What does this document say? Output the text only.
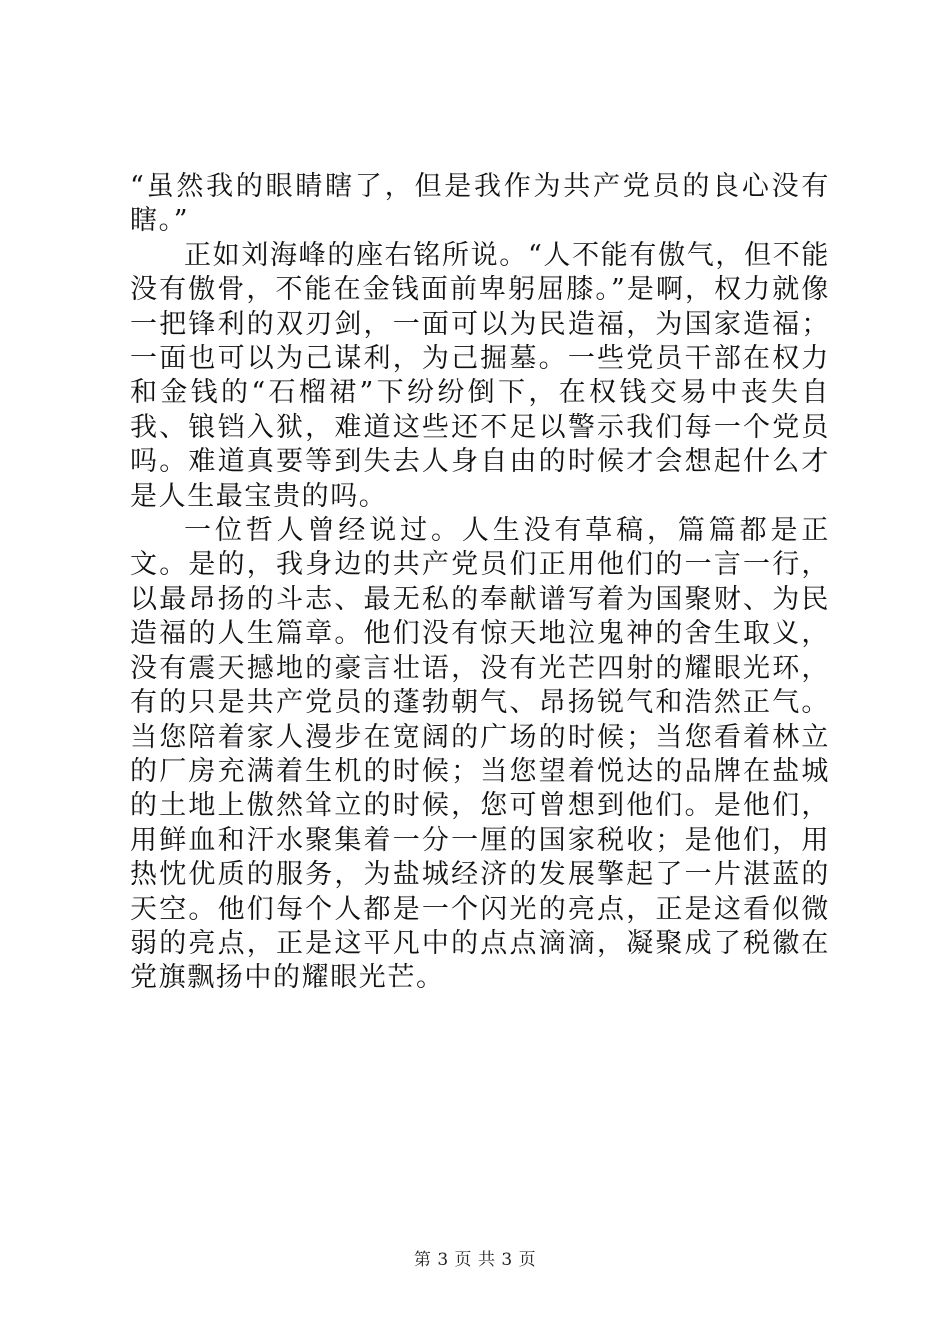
“虽然我的眼睛瞎了，但是我作为共产党员的良心没有瞎。”

正如刘海峰的座右铭所说。“人不能有傲气，但不能没有傲骨，不能在金钱面前卑躬屈膝。”是啊，权力就像一把锋利的双刃剑，一面可以为民造福，为国家造福；一面也可以为己谋利，为己掘墓。一些党员干部在权力和金钱的“石榴裙”下纷纷倒下，在权钱交易中丧失自我、锒铛入狱，难道这些还不足以警示我们每一个党员吗。难道真要等到失去人身自由的时候才会想起什么才是人生最宝贵的吗。

一位哲人曾经说过。人生没有草稿，篇篇都是正文。是的，我身边的共产党员们正用他们的一言一行，以最昂扬的斗志、最无私的奉献谱写着为国聚财、为民造福的人生篇章。他们没有惊天地泣鬼神的舍生取义，没有震天撼地的豪言壮语，没有光芒四射的耀眼光环，有的只是共产党员的蓬勃朝气、昂扬锐气和浩然正气。当您陪着家人漫步在宽阔的广场的时候；当您看着林立的厂房充满着生机的时候；当您望着悦达的品牌在盐城的土地上傲然耸立的时候，您可曾想到他们。是他们，用鲜血和汗水聚集着一分一厘的国家税收；是他们，用热忱优质的服务，为盐城经济的发展擎起了一片湛蓝的天空。他们每个人都是一个闪光的亮点，正是这看似微弱的亮点，正是这平凡中的点点滴滴，凝聚成了税徽在党旗飘扬中的耀眼光芒。

第 3 页 共 3 页
